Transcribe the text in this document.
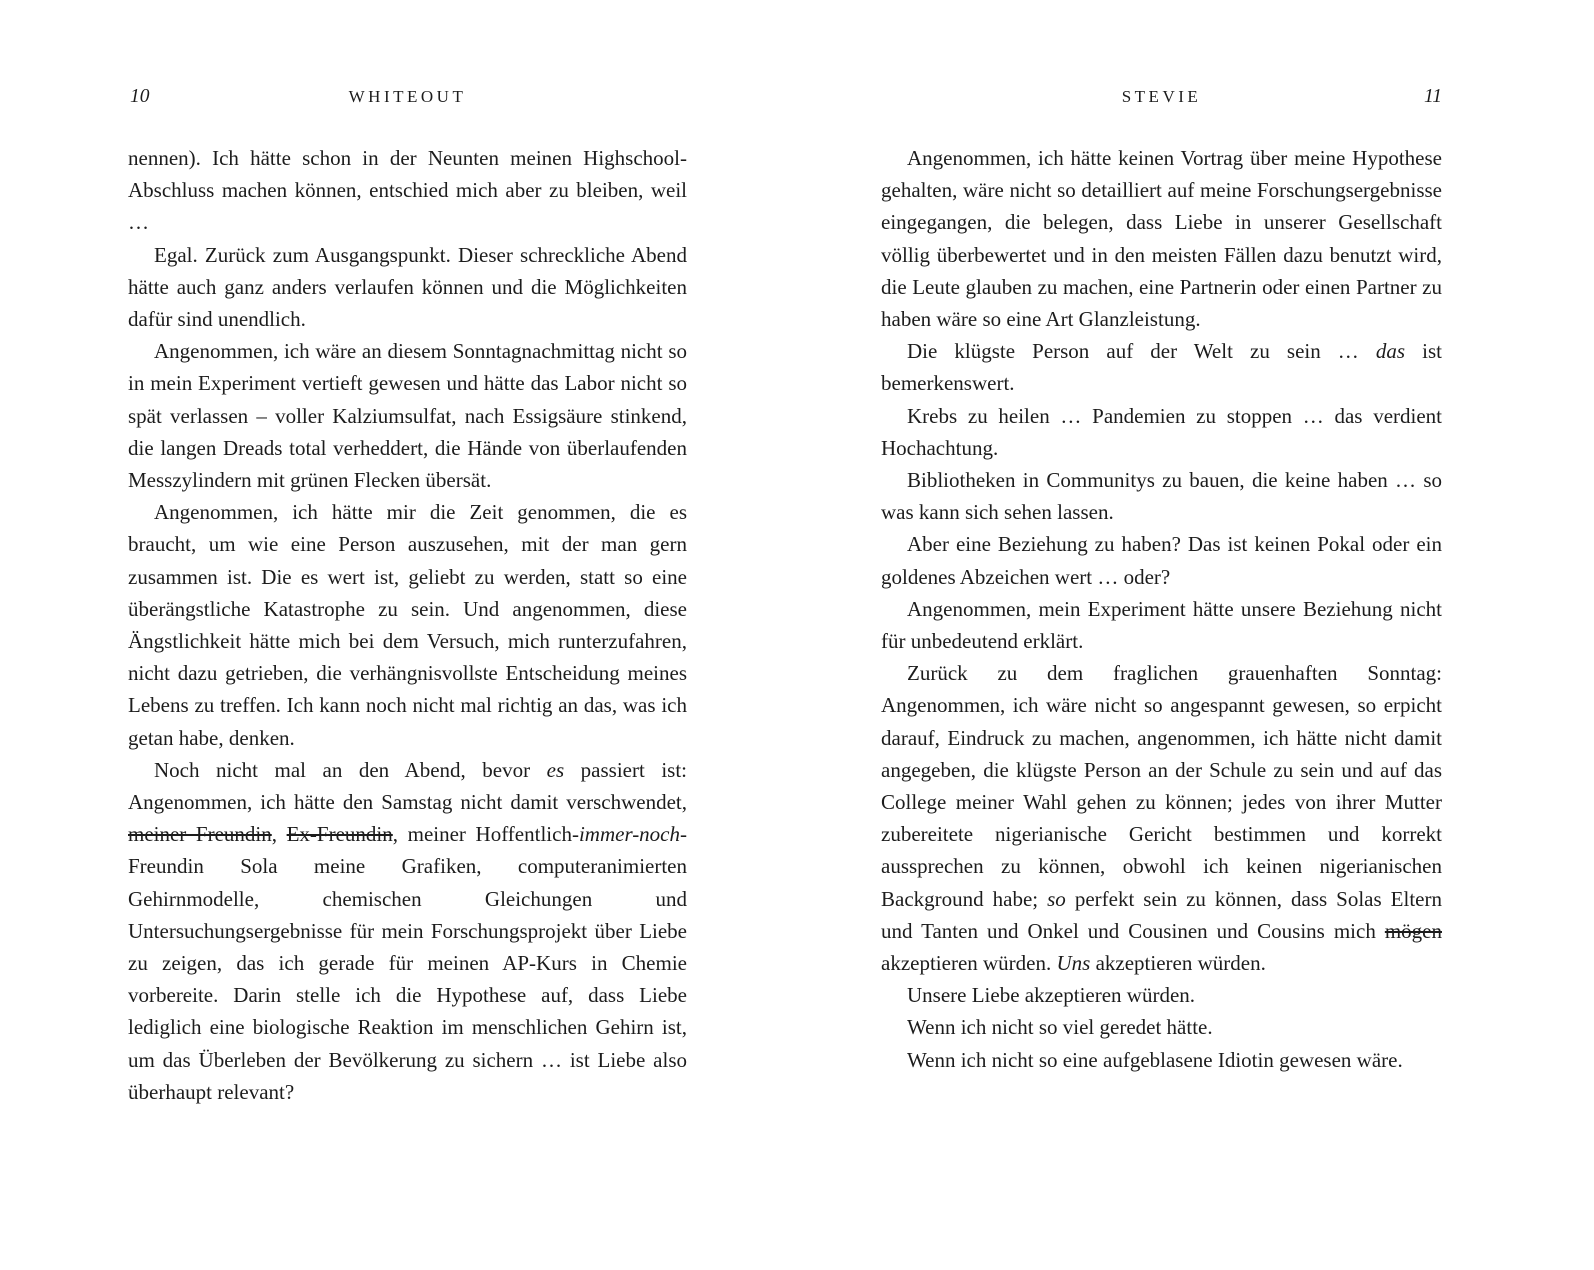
10	WHITEOUT

nennen). Ich hätte schon in der Neunten meinen Highschool-Abschluss machen können, entschied mich aber zu bleiben, weil …

Egal. Zurück zum Ausgangspunkt. Dieser schreckliche Abend hätte auch ganz anders verlaufen können und die Möglichkeiten dafür sind unendlich.

Angenommen, ich wäre an diesem Sonntagnachmittag nicht so in mein Experiment vertieft gewesen und hätte das Labor nicht so spät verlassen – voller Kalziumsulfat, nach Essigsäure stinkend, die langen Dreads total verheddert, die Hände von überlaufenden Messzylindern mit grünen Flecken übersät.

Angenommen, ich hätte mir die Zeit genommen, die es braucht, um wie eine Person auszusehen, mit der man gern zusammen ist. Die es wert ist, geliebt zu werden, statt so eine überängstliche Katastrophe zu sein. Und angenommen, diese Ängstlichkeit hätte mich bei dem Versuch, mich runterzufahren, nicht dazu getrieben, die verhängnisvollste Entscheidung meines Lebens zu treffen. Ich kann noch nicht mal richtig an das, was ich getan habe, denken.

Noch nicht mal an den Abend, bevor es passiert ist: Angenommen, ich hätte den Samstag nicht damit verschwendet, meiner Freundin, Ex-Freundin, meiner Hoffentlich-immer-noch-Freundin Sola meine Grafiken, computeranimierten Gehirnmodelle, chemischen Gleichungen und Untersuchungsergebnisse für mein Forschungsprojekt über Liebe zu zeigen, das ich gerade für meinen AP-Kurs in Chemie vorbereite. Darin stelle ich die Hypothese auf, dass Liebe lediglich eine biologische Reaktion im menschlichen Gehirn ist, um das Überleben der Bevölkerung zu sichern … ist Liebe also überhaupt relevant?

STEVIE	11

Angenommen, ich hätte keinen Vortrag über meine Hypothese gehalten, wäre nicht so detailliert auf meine Forschungsergebnisse eingegangen, die belegen, dass Liebe in unserer Gesellschaft völlig überbewertet und in den meisten Fällen dazu benutzt wird, die Leute glauben zu machen, eine Partnerin oder einen Partner zu haben wäre so eine Art Glanzleistung.

Die klügste Person auf der Welt zu sein … das ist bemerkenswert.

Krebs zu heilen … Pandemien zu stoppen … das verdient Hochachtung.

Bibliotheken in Communitys zu bauen, die keine haben … so was kann sich sehen lassen.

Aber eine Beziehung zu haben? Das ist keinen Pokal oder ein goldenes Abzeichen wert … oder?

Angenommen, mein Experiment hätte unsere Beziehung nicht für unbedeutend erklärt.

Zurück zu dem fraglichen grauenhaften Sonntag: Angenommen, ich wäre nicht so angespannt gewesen, so erpicht darauf, Eindruck zu machen, angenommen, ich hätte nicht damit angegeben, die klügste Person an der Schule zu sein und auf das College meiner Wahl gehen zu können; jedes von ihrer Mutter zubereitete nigerianische Gericht bestimmen und korrekt aussprechen zu können, obwohl ich keinen nigerianischen Background habe; so perfekt sein zu können, dass Solas Eltern und Tanten und Onkel und Cousinen und Cousins mich mögen akzeptieren würden. Uns akzeptieren würden.

Unsere Liebe akzeptieren würden.

Wenn ich nicht so viel geredet hätte.

Wenn ich nicht so eine aufgeblasene Idiotin gewesen wäre.
